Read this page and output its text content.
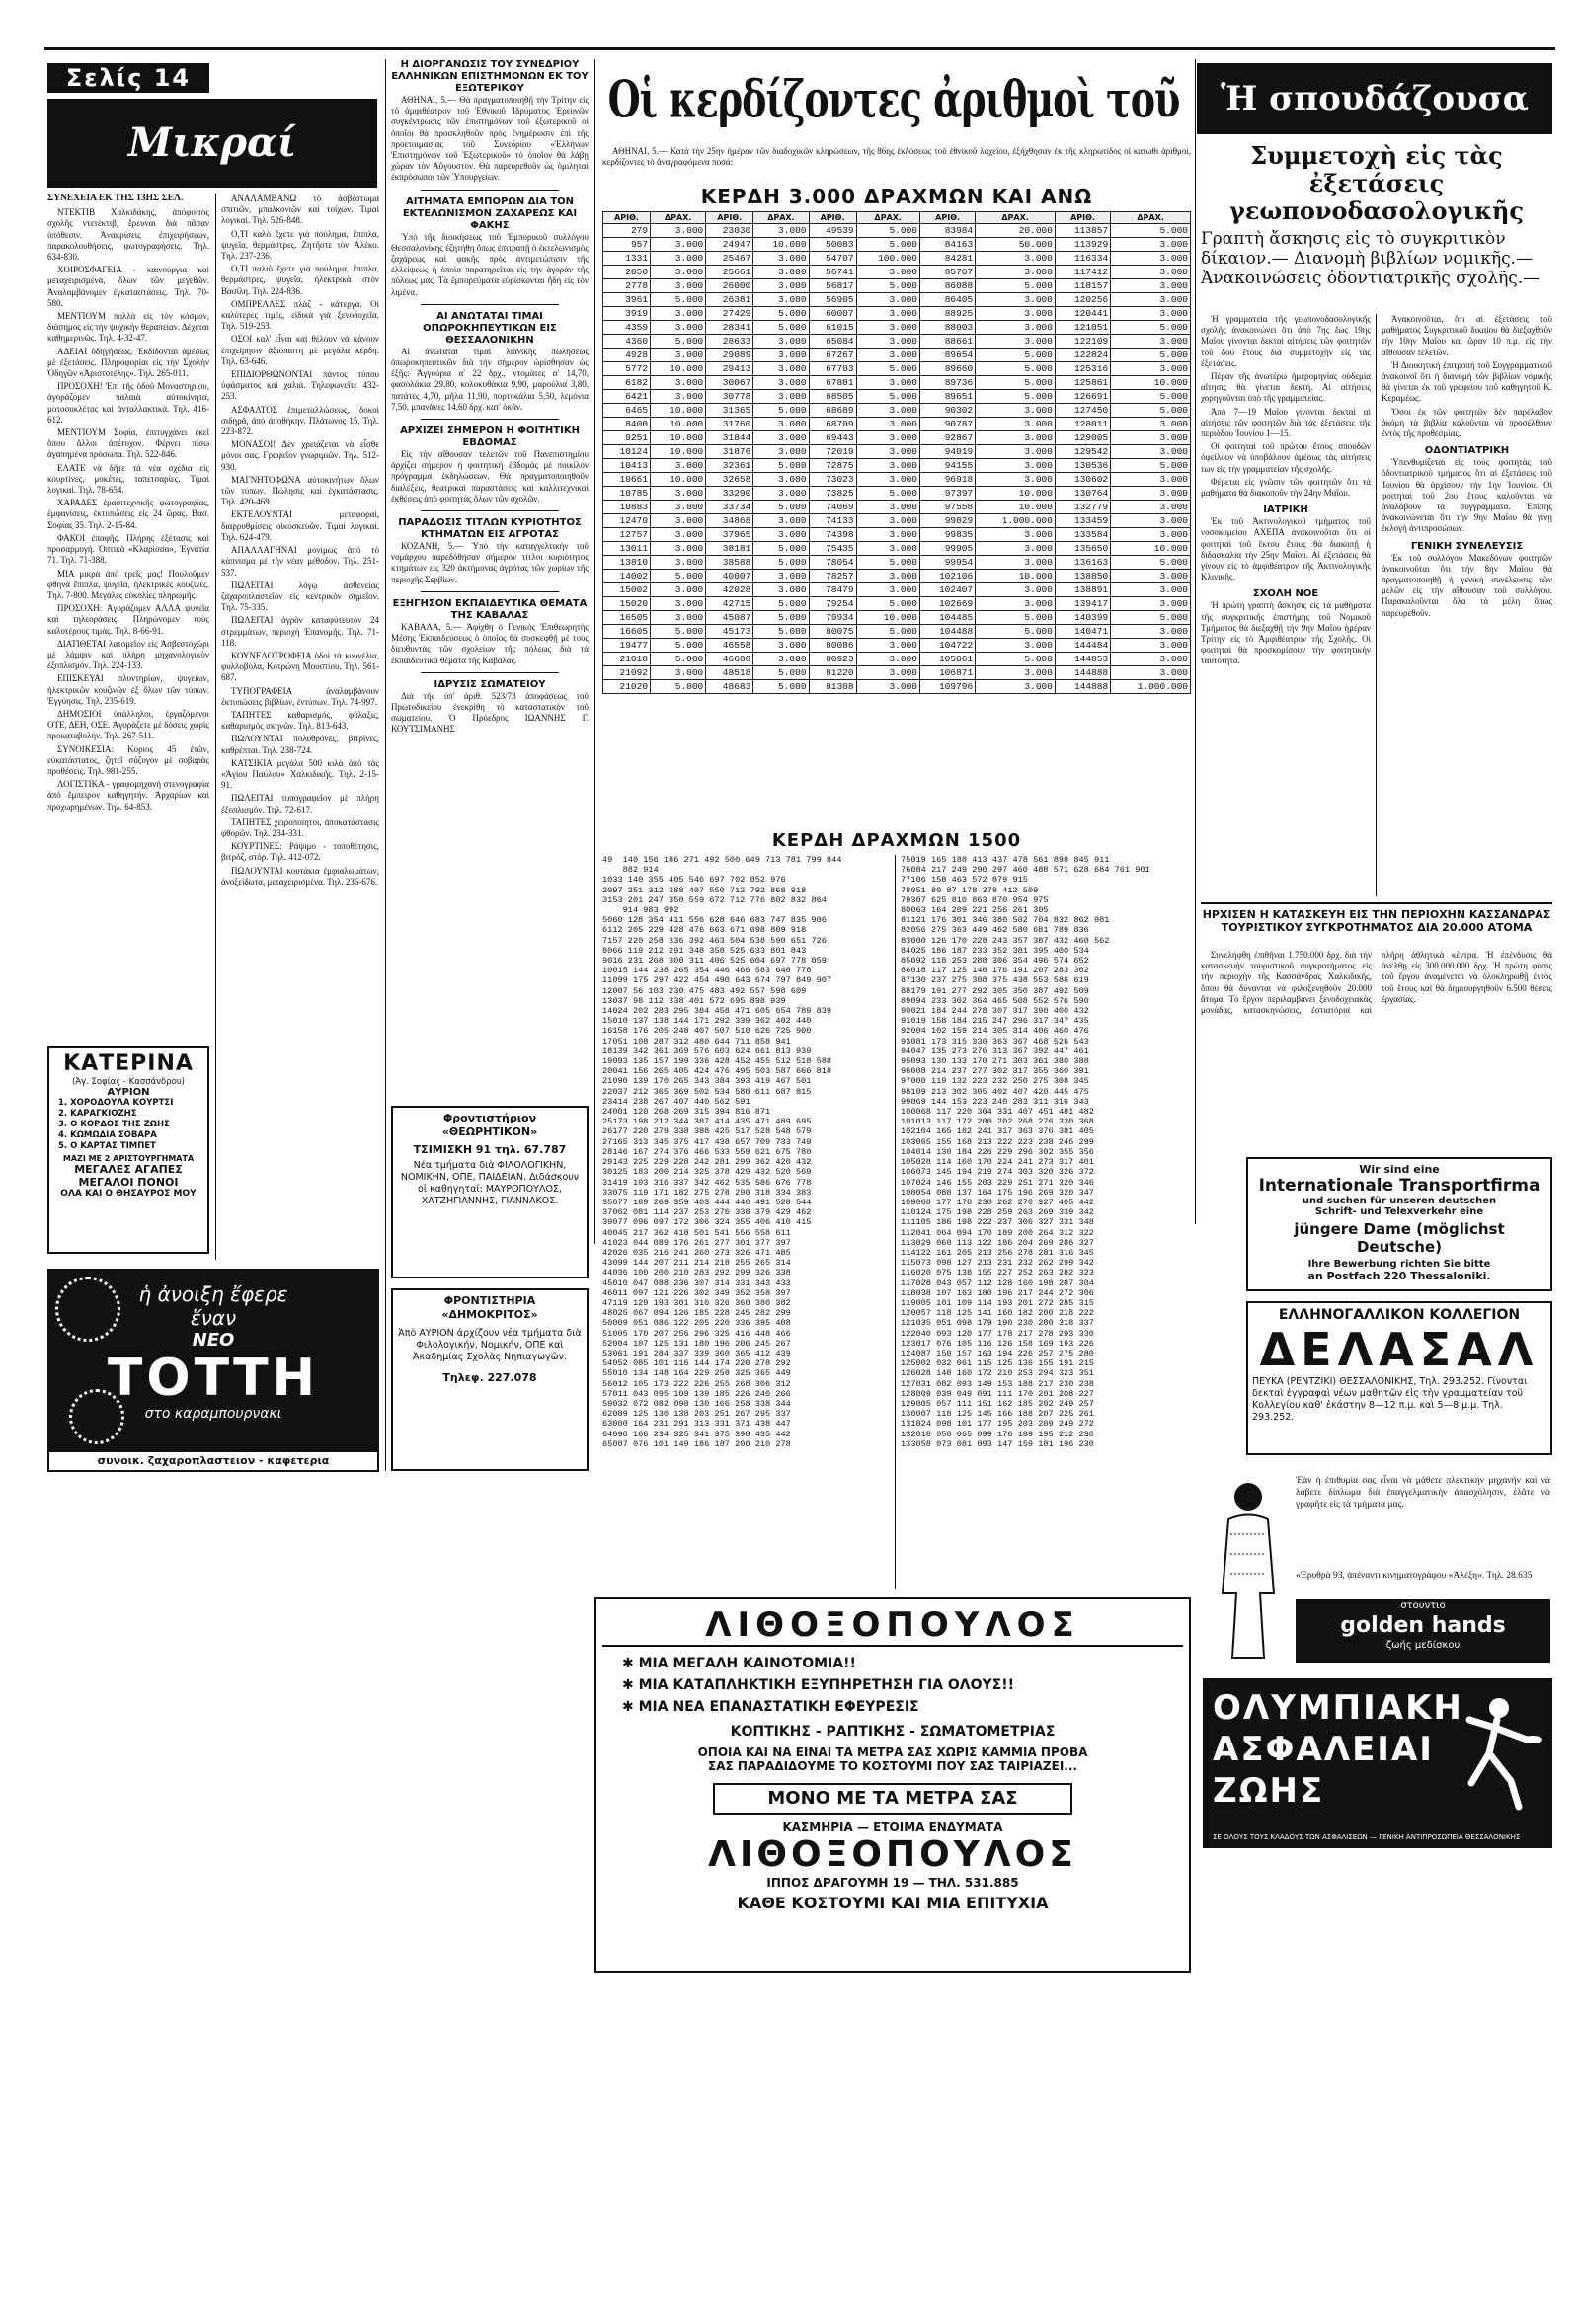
Σελίς 14
Μικραί
Οἱ κερδίζοντες ἀριθμοὶ τοῦ	Ἡ σπουδάζουσα
ΣΥΝΕΧΕΙΑ ΕΚ ΤΗΣ 13ΗΣ ΣΕΛ.

ΝΤΕΚΤΙΒ Χαλκιδάκης, ἀπόφοιτος σχολῆς ντετέκτιβ, ἔρευναι διὰ πᾶσαν ὑπόθεσιν. Ἀνακρίσεις ἐπιχειρήσεων, παρακολουθήσεις, φωτογραφήσεις. Τηλ. 634-830.

ΧΟΙΡΟΣΦΑΓΕΙΑ - καινούργια καὶ μεταχειρισμένα, ὅλων τῶν μεγεθῶν. Ἀναλαμβάνομεν ἐγκαταστάσεις. Τηλ. 70-580.

ΜΕΝΤΙΟΥΜ πολλὰ εἰς τὸν κόσμον, διάσημος εἰς τὴν ψυχικὴν θεραπείαν. Δέχεται καθημερινῶς. Τηλ. 4-32-47.

ΑΔΕΙΑΙ ὁδηγήσεως. Ἐκδίδονται ἀμέσως μὲ ἐξετάσεις. Πληροφορίαι εἰς τὴν Σχολὴν Ὁδηγῶν «Ἀριστοτέλης». Τηλ. 265-011.

ΠΡΟΣΟΧΗ! Ἐπὶ τῆς ὁδοῦ Μοναστηρίου, ἀγοράζομεν παλαιὰ αὐτοκίνητα, μοτοσυκλέτας καὶ ἀνταλλακτικά. Τηλ. 416-612.

ΜΕΝΤΙΟΥΜ Σοφία, ἐπιτυγχάνει ἐκεῖ ὅπου ἄλλοι ἀπέτυχον. Φέρνει πίσω ἀγαπημένα πρόσωπα. Τηλ. 522-846.

ΕΛΑΤΕ νὰ δῆτε τὰ νέα σχέδια εἰς κουρτίνες, μοκέτες, ταπετσαρίες. Τιμαὶ λογικαί. Τηλ. 78-654.

ΧΑΡΑΔΕΣ ἐρασιτεχνικῆς φωτογραφίας, ἐμφανίσεις, ἐκτυπώσεις εἰς 24 ὥρας. Βασ. Σοφίας 35. Τηλ. 2-15-84.

ΦΑΚΟΙ ἐπαφῆς. Πλήρης ἐξέτασις καὶ προσαρμογή. Ὀπτικὰ «Κλαρίσσα», Ἐγνατία 71. Τηλ. 71-388.

ΜΙΑ μικρὰ ἀπὸ τρεῖς μας! Πουλοῦμεν φθηνὰ ἔπιπλα, ψυγεῖα, ἠλεκτρικὲς κουζίνες. Τηλ. 7-800. Μεγάλες εὐκολίες πληρωμῆς.

ΠΡΟΣΟΧΗ: Ἀγοράζομεν ΑΛΛΑ ψυγεῖα καὶ τηλεοράσεις. Πληρώνομεν τοὺς καλυτέρους τιμάς. Τηλ. 8-66-91.

ΔΙΑΤΙΘΕΤΑΙ λατομεῖον εἰς Ἀσβεστοχώρι μὲ λάμψιν καὶ πλήρη μηχανολογικὸν ἐξοπλισμόν. Τηλ. 224-133.

ΕΠΙΣΚΕΥΑΙ πλυντηρίων, ψυγείων, ἠλεκτρικῶν κουζινῶν ἐξ ὅλων τῶν τύπων. Ἐγγύησις. Τηλ. 235-619.

ΔΗΜΟΣΙΟΙ ὑπάλληλοι, ἐργαζόμενοι ΟΤΕ, ΔΕΗ, ΟΣΕ. Ἀγοράζετε μὲ δόσεις χωρὶς προκαταβολήν. Τηλ. 267-511.

ΣΥΝΟΙΚΕΣΙΑ: Κύριος 45 ἐτῶν, εὐκατάστατος, ζητεῖ σύζυγον μὲ σοβαρὰς προθέσεις. Τηλ. 981-255.

ΛΟΓΙΣΤΙΚΑ - γραφομηχανὴ στενογραφία ἀπὸ ἔμπειρον καθηγητήν. Ἀρχαρίων καὶ προχωρημένων. Τηλ. 64-853.

ΚΑΤΕΡΙΝΑ
(Ἀγ. Σοφίας - Κασσάνδρου)
ΑΥΡΙΟΝ
1. ΧΟΡΟΔΟΥΛΑ ΚΟΥΡΤΣΙ
2. ΚΑΡΑΓΚΙΟΖΗΣ
3. Ο ΚΟΡΔΟΣ ΤΗΣ ΖΩΗΣ
4. ΚΩΜΩΔΙΑ ΣΟΒΑΡΑ
5. Ο ΚΑΡΤΑΣ ΤΙΜΠΕΤ
ΜΑΖΙ ΜΕ 2 ΑΡΙΣΤΟΥΡΓΗΜΑΤΑ
ΜΕΓΑΛΕΣ ΑΓΑΠΕΣ
ΜΕΓΑΛΟΙ ΠΟΝΟΙ
ΟΛΑ ΚΑΙ Ο ΘΗΣΑΥΡΟΣ ΜΟΥ

ΑΝΑΛΑΜΒΑΝΩ τὸ ἀσβέστωμα σπιτιῶν, μπαλκονιῶν καὶ τοίχων. Τιμαὶ λογικαί. Τηλ. 526-848.

Ο,ΤΙ καλὸ ἔχετε γιὰ πούλημα, ἔπιπλα, ψυγεῖα, θερμάστρες. Ζητῆστε τὸν Ἀλέκο. Τηλ. 237-236.

Ο,ΤΙ παλιὸ ἔχετε γιὰ πούλημα, ἔπιπλα, θερμάστρες, ψυγεῖα, ἠλεκτρικὰ στὸν Βασίλη. Τηλ. 224-836.

ΟΜΠΡΕΛΛΕΣ πλάζ - κάτεργα. Οἱ καλύτερες τιμές, εἰδικὰ γιὰ ξενοδοχεῖα. Τηλ. 519-253.

ΟΣΟΙ καλ' εἶναι καὶ θέλουν νὰ κάνουν ἐπιχείρησιν ἀξιόπιστη μὲ μεγάλα κέρδη. Τηλ. 63-646.

ΕΠΙΔΙΟΡΘΩΝΟΝΤΑΙ πάντος τύπου ὑφάσματος καὶ χαλιά. Τηλεφωνεῖτε 432-253.

ΑΣΦΑΛΤΟΣ ἐπιμεταλλώσεως, δοκοὶ σιδηρᾶ, ἀπὸ ἀποθήκην. Πλάτωνος 15. Τηλ. 223-872.

ΜΟΝΑΣΟΙ! Δὲν χρειάζεται νὰ εἶσθε μόνοι σας. Γραφεῖον γνωριμιῶν. Τηλ. 512-930.

ΜΑΓΝΗΤΟΦΩΝΑ αὐτοκινήτων ὅλων τῶν τύπων. Πώλησις καὶ ἐγκατάστασις. Τηλ. 420-469.

ΕΚΤΕΛΟΥΝΤΑΙ μεταφοραί, διαρρυθμίσεις οἰκοσκευῶν. Τιμαὶ λογικαί. Τηλ. 624-479.

ΑΠΑΛΛΑΓΗΝΑΙ μονίμως ἀπὸ τὸ κάπνισμα μὲ τὴν νέαν μέθοδον. Τηλ. 251-537.

ΠΩΛΕΙΤΑΙ λόγῳ ἀσθενείας ζαχαροπλαστεῖον εἰς κεντρικὸν σημεῖον. Τηλ. 75-335.

ΠΩΛΕΙΤΑΙ ἀγρὸν καταφύτευτον 24 στρεμμάτων, περιοχὴ Ἐπανομῆς. Τηλ. 71-118.

ΚΟΥΝΕΛΟΤΡΟΦΕΙΑ ὁδοὶ τὰ κουνέλια, φυλλοβόλα, Κοτρώνη Μουστίου. Τηλ. 561-687.

ΤΥΠΟΓΡΑΦΕΙΑ ἀναλαμβάνουν ἐκτυπώσεις βιβλίων, ἐντύπων. Τηλ. 74-997.

ΤΑΠΗΤΕΣ καθαρισμός, φύλαξις, καθαρισμὸς σκηνῶν. Τηλ. 813-643.

ΠΩΛΟΥΝΤΑΙ πολυθρόνες, βιτρῖνες, καθρέπται. Τηλ. 238-724.

ΚΑΤΣΙΚΙΑ μεγάλα 500 κιλὰ ἀπὸ τὰς «Ἀγίου Παύλου» Χαλκιδικῆς. Τηλ. 2-15-91.

ΠΩΛΕΙΤΑΙ τυπογραφεῖον μὲ πλήρη ἐξοπλισμόν. Τηλ. 72-617.

ΤΑΠΗΤΕΣ χειροποίητοι, ἀποκατάστασις φθορῶν. Τηλ. 234-331.

ΚΟΥΡΤΙΝΕΣ: Ράψιμο - τοποθέτησις, βιτρόζ, στόρ. Τηλ. 412-072.

ΠΩΛΟΥΝΤΑΙ κουτάκια ἐμφιαλωμάτων, ἀνοξείδωτα, μεταχειρισμένα. Τηλ. 236-676.

ἡ ἀνοιξη ἔφερε
ἕναν
ΝΕΟ
ΤΟΤΤΗ
στο καραμπουρνακι
συνοικ. ζαχαροπλαστειον - καφετερια
Η ΔΙΟΡΓΑΝΩΣΙΣ ΤΟΥ ΣΥΝΕΔΡΙΟΥ ΕΛΛΗΝΙΚΩΝ ΕΠΙΣΤΗΜΟΝΩΝ ΕΚ ΤΟΥ ΕΞΩΤΕΡΙΚΟΥ

ΑΘΗΝΑΙ, 5.— Θὰ πραγματοποιηθῇ τὴν Τρίτην εἰς τὸ ἀμφιθέατρον τοῦ Ἐθνικοῦ Ἱδρύματος Ἐρευνῶν συγκέντρωσις τῶν ἐπιστημόνων τοῦ ἐξωτερικοῦ οἱ ὁποῖοι θὰ προσκληθοῦν πρὸς ἐνημέρωσιν ἐπὶ τῆς προετοιμασίας τοῦ Συνεδρίου «Ἑλλήνων Ἐπιστημόνων τοῦ Ἐξωτερικοῦ» τὸ ὁποῖον θὰ λάβῃ χώραν τὸν Αὔγουστον. Θὰ παρευρεθοῦν ὡς ὁμιληταὶ ἐκπρόσωποι τῶν Ὑπουργείων.

ΑΙΤΗΜΑΤΑ ΕΜΠΟΡΩΝ ΔΙΑ ΤΟΝ ΕΚΤΕΛΩΝΙΣΜΟΝ ΖΑΧΑΡΕΩΣ ΚΑΙ ΦΑΚΗΣ

Ὑπὸ τῆς διοικήσεως τοῦ Ἐμπορικοῦ συλλόγου Θεσσαλονίκης ἐζητήθη ὅπως ἐπιτραπῇ ὁ ἐκτελωνισμὸς ζαχάρεως καὶ φακῆς πρὸς ἀντιμετώπισιν τῆς ἐλλείψεως ἡ ὁποία παρατηρεῖται εἰς τὴν ἀγορὰν τῆς πόλεως μας. Τὰ ἐμπορεύματα εὑρίσκονται ἤδη εἰς τὸν λιμένα.

ΑΙ ΑΝΩΤΑΤΑΙ ΤΙΜΑΙ ΟΠΩΡΟΚΗΠΕΥΤΙΚΩΝ ΕΙΣ ΘΕΣΣΑΛΟΝΙΚΗΝ

Αἱ ἀνώταται τιμαὶ λιανικῆς πωλήσεως ὀπωροκηπευτικῶν διὰ τὴν σήμερον ὡρίσθησαν ὡς ἑξῆς: Ἀγγούρια α' 22 δρχ., ντομάτες α' 14,70, φασολάκια 29,80, κολοκυθάκια 9,90, μαρούλια 3,80, πατάτες 4,70, μῆλα 11,90, πορτοκάλια 5,50, λεμόνια 7,50, μπανάνες 14,60 δρχ. κατ' ὀκᾶν.

ΑΡΧΙΖΕΙ ΣΗΜΕΡΟΝ Η ΦΟΙΤΗΤΙΚΗ ΕΒΔΟΜΑΣ

Εἰς τὴν αἴθουσαν τελετῶν τοῦ Πανεπιστημίου ἀρχίζει σήμερον ἡ φοιτητικὴ ἑβδομὰς μὲ ποικίλον πρόγραμμα ἐκδηλώσεων. Θὰ πραγματοποιηθοῦν διαλέξεις, θεατρικαὶ παραστάσεις καὶ καλλιτεχνικαὶ ἐκθέσεις ἀπὸ φοιτητάς ὅλων τῶν σχολῶν.

ΠΑΡΑΔΟΣΙΣ ΤΙΤΛΩΝ ΚΥΡΙΟΤΗΤΟΣ ΚΤΗΜΑΤΩΝ ΕΙΣ ΑΓΡΟΤΑΣ

ΚΟΖΑΝΗ, 5.— Ὑπὸ τὴν καταγγελτικὴν τοῦ νομάρχου παρεδόθησαν σήμερον τίτλοι κυριότητος κτημάτων εἰς 320 ἀκτήμονας ἀγρότας τῶν χωρίων τῆς περιοχῆς Σερβίων.

ΕΞΗΓΗΣΟΝ ΕΚΠΑΙΔΕΥΤΙΚΑ ΘΕΜΑΤΑ ΤΗΣ ΚΑΒΑΛΑΣ

ΚΑΒΑΛΑ, 5.— Ἀφίχθη ὁ Γενικὸς Ἐπιθεωρητὴς Μέσης Ἐκπαιδεύσεως ὁ ὁποῖος θὰ συσκεφθῇ μὲ τοὺς διευθυντὰς τῶν σχολείων τῆς πόλεως διὰ τὰ ἐκπαιδευτικὰ θέματα τῆς Καβάλας.

ΙΔΡΥΣΙΣ ΣΩΜΑΤΕΙΟΥ

Διὰ τῆς ὑπ' ἀριθ. 523/73 ἀποφάσεως τοῦ Πρωτοδικείου ἐνεκρίθη τὸ καταστατικὸν τοῦ σωματείου. Ὁ Πρόεδρος ΙΩΑΝΝΗΣ Γ. ΚΟΥΤΣΙΜΑΝΗΣ

Φροντιστήριον «ΘΕΩΡΗΤΙΚΟΝ»
ΤΣΙΜΙΣΚΗ 91 τηλ. 67.787
Νέα τμήματα διὰ ΦΙΛΟΛΟΓΙΚΗΝ, ΝΟΜΙΚΗΝ, ΟΠΕ, ΠΑΙΔΕΙΑΝ. Διδάσκουν οἱ καθηγηταί: ΜΑΥΡΟΠΟΥΛΟΣ, ΧΑΤΖΗΓΙΑΝΝΗΣ, ΓΙΑΝΝΑΚΟΣ.
ΦΡΟΝΤΙΣΤΗΡΙΑ «ΔΗΜΟΚΡΙΤΟΣ»
Ἀπὸ ΑΥΡΙΟΝ ἀρχίζουν νέα τμήματα διὰ Φιλολογικήν, Νομικήν, ΟΠΕ καὶ Ἀκαδημίας Σχολὰς Νηπιαγωγῶν.
Τηλεφ. 227.078

ΑΘΗΝΑΙ, 5.— Κατὰ τὴν 25ην ἡμέραν τῶν διαδοχικῶν κληρώσεων, τῆς 86ης ἐκδόσεως τοῦ ἐθνικοῦ λαχείου, ἐξήχθησαν ἐκ τῆς κληρωτίδος οἱ κατωθι ἀριθμοί, κερδίζοντες τὸ ἀναγραφόμενα ποσά:

ΚΕΡΔΗ 3.000 ΔΡΑΧΜΩΝ ΚΑΙ ΑΝΩ
ΑΡΙΘ.	ΔΡΑΧ.	ΑΡΙΘ.	ΔΡΑΧ.	ΑΡΙΘ.	ΔΡΑΧ.	ΑΡΙΘ.	ΔΡΑΧ.	ΑΡΙΘ.	ΔΡΑΧ.
279	3.000	23030	3.000	49539	5.000	83984	20.000	113857	5.000
957	3.000	24947	10.000	50083	5.000	84163	50.000	113929	3.000
1331	3.000	25467	3.000	54707	100.000	84281	3.000	116334	3.000
2050	3.000	25661	3.000	56741	3.000	85707	3.000	117412	3.000
2778	3.000	26000	3.000	56817	5.000	86088	5.000	118157	3.000
3961	5.000	26381	3.000	56905	3.000	86405	3.000	120256	3.000
3919	3.000	27429	5.000	60007	3.000	88925	3.000	120441	3.000
4359	3.000	28341	5.000	61015	3.000	88003	3.000	121051	5.000
4360	5.000	28633	3.000	65084	3.000	88661	3.000	122109	3.000
4928	3.000	29089	3.000	67267	3.000	89654	5.000	122824	5.000
5772	10.000	29413	3.000	67703	5.000	89660	5.000	125316	3.000
6182	3.000	30067	3.000	67881	3.000	89736	5.000	125861	10.000
6421	3.000	30778	3.000	68505	5.000	89651	5.000	126691	5.000
6465	10.000	31365	5.000	68689	3.000	90302	3.000	127450	5.000
8400	10.000	31760	3.000	68709	3.000	90787	3.000	128011	3.000
9251	10.000	31844	3.000	69443	3.000	92867	3.000	129005	3.000
10124	10.000	31876	3.000	72019	3.000	94019	3.000	129542	3.000
10413	3.000	32361	5.000	72875	3.000	94155	3.000	130536	5.000
10661	10.000	32658	3.000	73023	3.000	96918	3.000	130602	3.000
10785	3.000	33290	3.000	73825	5.000	97397	10.000	130764	3.000
10883	3.000	33734	5.000	74069	3.000	97558	10.000	132779	3.000
12470	3.000	34868	3.000	74133	3.000	99829	1.000.000	133459	3.000
12757	3.000	37965	3.000	74398	3.000	99835	3.000	133584	3.000
13011	3.000	38181	5.000	75435	3.000	99905	3.000	135650	10.000
13810	3.000	38588	5.000	78054	5.000	99954	3.000	136163	5.000
14002	5.000	40007	3.000	78257	3.000	102106	10.000	138850	3.000
15002	3.000	42028	3.000	78479	3.000	102407	3.000	138891	3.000
15020	3.000	42715	5.000	79254	5.000	102669	3.000	139417	3.000
16505	3.000	45087	5.000	79934	10.000	104485	5.000	140399	5.000
16605	5.000	45173	5.000	80075	5.000	104488	5.000	140471	3.000
19477	5.000	46558	3.000	80086	3.000	104722	3.000	144484	3.000
21018	5.000	46688	3.000	80923	3.000	105061	5.000	144853	3.000
21092	3.000	48518	5.000	81220	3.000	106871	3.000	144888	3.000
21020	5.000	48683	5.000	81308	3.000	109796	3.000	144888	1.000.000
ΚΕΡΔΗ ΔΡΑΧΜΩΝ 1500
49  140 156 186 271 492 500 649 713 781 799 844
882 914
1033 140 355 405 546 697 702 852 976
2097 251 312 388 407 550 712 792 868 918
3153 201 247 350 559 672 712 776 802 832 864
914 983 992
5060 128 354 411 556 628 646 683 747 835 906
6112 205 229 428 476 663 671 698 809 918
7157 220 258 336 392 463 504 538 590 651 726
8066 119 212 291 348 358 525 633 801 843
9016 231 268 300 311 406 525 604 697 778 859
10015 144 238 265 354 446 466 583 648 778
11099 175 297 422 454 490 643 674 797 849 907
12007 56 103 230 475 483 492 557 598 609
13037 98 112 338 401 572 695 898 939
14024 202 283 295 384 458 471 605 654 789 839
15010 137 138 144 171 292 339 362 402 440
16158 176 205 248 407 507 510 626 725 900
17051 108 287 312 480 644 711 858 941
18139 342 361 369 576 603 624 661 813 939
19093 135 157 199 336 428 452 455 512 518 588
20041 156 265 405 424 476 495 503 587 666 818
21090 139 170 265 343 384 393 419 467 501
22037 212 365 369 502 534 580 611 687 815
23414 238 267 407 440 562 591
24001 120 268 269 315 394 816 871
25173 198 212 344 387 414 435 471 489 695
26177 220 279 338 388 425 517 528 548 579
27165 313 345 375 417 438 657 709 733 749
28146 167 274 376 466 533 559 621 675 780
29143 225 229 228 242 281 299 362 420 432
30125 183 200 214 325 378 429 432 520 569
31419 103 316 337 342 462 535 586 676 778
33075 119 171 182 275 278 290 318 334 383
35077 189 269 359 403 444 440 491 528 544
37062 081 114 237 253 276 338 379 429 462
39077 096 097 172 306 324 355 406 410 415
40045 217 362 418 501 541 556 558 611
41023 044 089 176 261 277 301 377 397
42026 035 216 241 260 273 326 471 485
43099 144 207 211 214 218 255 265 314
44036 100 200 210 283 292 299 326 338
45010 047 088 236 307 314 331 343 433
46011 097 121 226 302 349 352 358 397
47119 129 193 301 310 326 360 380 382
48025 067 094 126 185 228 245 282 299
50009 051 086 122 205 220 336 395 408
51005 170 207 256 296 325 416 448 466
52004 107 125 131 180 196 206 245 267
53061 191 284 337 339 360 365 412 439
54052 085 101 116 144 174 220 278 292
55010 134 148 164 229 258 325 365 449
56012 105 173 222 226 255 268 306 312
57011 043 095 109 139 185 226 240 266
59032 072 082 098 130 166 258 338 344
62089 125 130 138 203 251 267 295 337
63000 164 231 291 313 331 371 438 447
64090 166 234 325 341 375 398 435 442
65007 076 101 149 186 187 200 210 278
75019 165 188 413 437 478 561 898 845 911
76084 217 249 290 297 460 488 571 628 684 761 901
77106 158 463 572 879 915
78051 80 87 178 378 412 509
79307 625 810 863 870 954 975
80063 164 209 221 256 261 305
81121 176 301 346 380 502 704 832 862 981
82056 275 363 449 462 580 681 789 836
83000 126 170 228 243 357 387 432 460 562
84025 186 187 233 352 381 395 400 534
85092 118 253 288 306 354 496 574 652
86018 117 125 148 176 191 207 283 302
87130 237 275 308 375 438 553 586 619
88179 191 277 292 305 350 387 492 509
89094 233 302 364 465 508 552 576 590
90021 184 244 278 307 317 390 400 432
91019 158 184 215 247 296 317 347 435
92004 102 159 214 305 314 406 460 476
93081 173 315 330 363 367 468 526 543
94047 135 273 276 313 367 392 447 461
95093 130 133 170 271 303 361 380 388
96008 214 237 277 302 317 355 360 391
97000 119 132 223 232 250 275 308 345
98109 213 302 305 402 407 420 445 475
99069 144 153 223 240 283 311 316 343
100068 117 220 304 331 407 451 481 482
101013 117 172 200 202 268 276 330 368
102104 165 182 241 317 363 376 381 405
103065 155 168 213 222 223 238 246 299
104014 130 184 226 229 296 302 355 356
105028 114 160 170 224 241 273 317 401
106073 145 194 219 274 303 320 326 372
107024 146 155 203 229 251 271 320 346
108054 088 137 164 175 196 269 320 347
109068 177 178 230 262 270 327 405 442
110124 175 198 228 259 263 269 339 342
111105 186 198 222 237 306 327 331 348
112041 064 094 170 189 200 264 312 322
113029 060 113 122 186 204 269 286 327
114122 161 205 213 256 278 281 316 345
115073 098 127 213 231 232 262 299 342
116020 075 138 155 227 252 263 282 323
117028 043 057 112 128 160 198 287 304
118038 107 163 180 196 217 244 272 306
119005 101 109 114 193 201 272 285 315
120057 118 125 141 160 182 200 218 222
121035 051 098 179 190 230 280 318 337
122040 093 120 177 178 217 278 293 330
123017 076 105 116 126 158 169 193 226
124087 150 157 163 194 226 257 275 280
125002 032 061 115 125 136 155 191 215
126028 148 160 172 210 253 294 323 351
127031 082 093 149 153 188 217 230 238
128009 039 049 091 111 170 201 208 227
129005 057 111 151 162 185 202 249 257
130007 118 125 145 166 188 207 225 261
131024 098 101 177 195 203 209 249 272
132018 058 065 099 176 189 195 212 230
133058 073 081 093 147 159 181 196 230
ΛΙΘΟΞΟΠΟΥΛΟΣ
✱ ΜΙΑ ΜΕΓΑΛΗ ΚΑΙΝΟΤΟΜΙΑ!!
✱ ΜΙΑ ΚΑΤΑΠΛΗΚΤΙΚΗ ΕΞΥΠΗΡΕΤΗΣΗ ΓΙΑ ΟΛΟΥΣ!!
✱ ΜΙΑ ΝΕΑ ΕΠΑΝΑΣΤΑΤΙΚΗ ΕΦΕΥΡΕΣΙΣ
ΚΟΠΤΙΚΗΣ - ΡΑΠΤΙΚΗΣ - ΣΩΜΑΤΟΜΕΤΡΙΑΣ
ΟΠΟΙΑ ΚΑΙ ΝΑ ΕΙΝΑΙ ΤΑ ΜΕΤΡΑ ΣΑΣ ΧΩΡΙΣ ΚΑΜΜΙΑ ΠΡΟΒΑ
ΣΑΣ ΠΑΡΑΔΙΔΟΥΜΕ ΤΟ ΚΟΣΤΟΥΜΙ ΠΟΥ ΣΑΣ ΤΑΙΡΙΑΖΕΙ...
ΜΟΝΟ ΜΕ ΤΑ ΜΕΤΡΑ ΣΑΣ
ΚΑΣΜΗΡΙΑ — ΕΤΟΙΜΑ ΕΝΔΥΜΑΤΑ
ΛΙΘΟΞΟΠΟΥΛΟΣ
ΙΠΠΟΣ ΔΡΑΓΟΥΜΗ 19 — ΤΗΛ. 531.885
ΚΑΘΕ ΚΟΣΤΟΥΜΙ ΚΑΙ ΜΙΑ ΕΠΙΤΥΧΙΑ
Συμμετοχὴ εἰς τὰς ἐξετάσεις γεωπονοδασολογικῆς
Γραπτὴ ἄσκησις εἰς τὸ συγκριτικὸν δίκαιον.— Διανομὴ βιβλίων νομικῆς.— Ἀνακοινώσεις ὀδοντιατρικῆς σχολῆς.—

Ἡ γραμματεία τῆς γεωπονοδασολογικῆς σχολῆς ἀνακοινώνει ὅτι ἀπὸ 7ης ἕως 19ης Μαΐου γίνονται δεκταὶ αἰτήσεις τῶν φοιτητῶν τοῦ δου ἔτους διὰ συμμετοχὴν εἰς τὰς ἐξετάσεις.

Πέραν τῆς ἀνωτέρω ἡμερομηνίας οὐδεμία αἴτησις θὰ γίνεται δεκτή. Αἱ αἰτήσεις χορηγοῦνται ὑπὸ τῆς γραμματείας.

Ἀπὸ 7—19 Μαΐου γίνονται δεκταὶ αἱ αἰτήσεις τῶν φοιτητῶν διὰ τὰς ἐξετάσεις τῆς περιόδου Ἰουνίου 1—15.

Οἱ φοιτηταὶ τοῦ πρώτου ἔτους σπουδῶν ὀφείλουν νὰ ὑποβάλουν ἀμέσως τὰς αἰτήσεις των εἰς τὴν γραμματείαν τῆς σχολῆς.

Φέρεται εἰς γνῶσιν τῶν φοιτητῶν ὅτι τὰ μαθήματα θὰ διακοποῦν τὴν 24ην Μαΐου.

ΙΑΤΡΙΚΗ

Ἐκ τοῦ Ἀκτινολογικοῦ τμήματος τοῦ νοσοκομείου ΑΧΕΠΑ ἀνακοινοῦται ὅτι οἱ φοιτηταὶ τοῦ ἕκτου ἔτους θὰ διακοπῇ ἡ διδασκαλία τὴν 25ην Μαΐου. Αἱ ἐξετάσεις θὰ γίνουν εἰς τὸ ἀμφιθέατρον τῆς Ἀκτινολογικῆς Κλινικῆς.

ΣΧΟΛΗ ΝΟΕ

Ἡ πρώτη γραπτὴ ἄσκησις εἰς τὰ μαθήματα τῆς συγκριτικῆς ἐπιστήμης τοῦ Νομικοῦ Τμήματος θὰ διεξαχθῇ τὴν 9ην Μαΐου ἡμέραν Τρίτην εἰς τὸ Ἀμφιθέατρον τῆς Σχολῆς. Οἱ φοιτηταὶ θὰ προσκομίσουν τὴν φοιτητικὴν ταυτότητα.

Ἀνακοινοῦται, ὅτι αἱ ἐξετάσεις τοῦ μαθήματος Συγκριτικοῦ δικαίου θὰ διεξαχθοῦν τὴν 10ην Μαΐου καὶ ὥραν 10 π.μ. εἰς τὴν αἴθουσαν τελετῶν.

Ἡ Διοικητικὴ ἐπιτροπὴ τοῦ Συγγραμματικοῦ ἀνακοινοῖ ὅτι ἡ διανομὴ τῶν βιβλίων νομικῆς θὰ γίνεται ἐκ τοῦ γραφείου τοῦ καθηγητοῦ Κ. Κεραμέως.

Ὅσοι ἐκ τῶν φοιτητῶν δὲν παρέλαβον ἀκόμη τὰ βιβλία καλοῦνται νὰ προσέλθουν ἐντὸς τῆς προθεσμίας.

ΟΔΟΝΤΙΑΤΡΙΚΗ

Ὑπενθυμίζεται εἰς τοὺς φοιτητὰς τοῦ ὀδοντιατρικοῦ τμήματος ὅτι αἱ ἐξετάσεις τοῦ Ἰουνίου θὰ ἀρχίσουν τὴν 1ην Ἰουνίου. Οἱ φοιτηταὶ τοῦ 2ου ἔτους καλοῦνται νὰ ἀναλάβουν τὰ συγγράμματα. Ἐπίσης ἀνακοινώνεται ὅτι τὴν 9ην Μαΐου θὰ γίνῃ ἐκλογὴ ἀντιπροσώπων.

ΓΕΝΙΚΗ ΣΥΝΕΛΕΥΣΙΣ

Ἐκ τοῦ συλλόγου Μακεδόνων φοιτητῶν ἀνακοινοῦται ὅτι τὴν 8ην Μαΐου θὰ πραγματοποιηθῇ ἡ γενικὴ συνέλευσις τῶν μελῶν εἰς τὴν αἴθουσαν τοῦ συλλόγου. Παρακαλοῦνται ὅλα τὰ μέλη ὅπως παρευρεθοῦν.

ΗΡΧΙΣΕΝ Η ΚΑΤΑΣΚΕΥΗ ΕΙΣ ΤΗΝ ΠΕΡΙΟΧΗΝ ΚΑΣΣΑΝΔΡΑΣ ΤΟΥΡΙΣΤΙΚΟΥ ΣΥΓΚΡΟΤΗΜΑΤΟΣ ΔΙΑ 20.000 ΑΤΟΜΑ

Συνελήφθη ἐπιθῆναι 1.750.000 δρχ. διὰ τὴν κατασκευὴν τουριστικοῦ συγκροτήματος εἰς τὴν περιοχὴν τῆς Κασσάνδρας Χαλκιδικῆς, ὅπου θὰ δύνανται νὰ φιλοξενηθοῦν 20.000 ἄτομα. Τὸ ἔργον περιλαμβάνει ξενοδοχειακὰς μονάδας, κατασκηνώσεις, ἐστιατόρια καὶ πλῆρη ἀθλητικὰ κέντρα. Ἡ ἐπένδυσις θὰ ἀνέλθῃ εἰς 300.000.000 δρχ. Ἡ πρώτη φάσις τοῦ ἔργου ἀναμένεται νὰ ὁλοκληρωθῇ ἐντὸς τοῦ ἔτους καὶ θὰ δημιουργηθοῦν 6.500 θέσεις ἐργασίας.

Wir sind eine
Internationale Transportfirma
und suchen für unseren deutschen
Schrift- und Telexverkehr eine
jüngere Dame (möglichst Deutsche)
Ihre Bewerbung richten Sie bitte
an Postfach 220 Thessaloniki.
ΕΛΛΗΝΟΓΑΛΛΙΚΟΝ ΚΟΛΛΕΓΙΟΝ
ΔΕΛΑΣΑΛ
ΠΕΥΚΑ (ΡΕΝΤΖΙΚΙ) ΘΕΣΣΑΛΟΝΙΚΗΣ, Τηλ. 293.252. Γίνονται δεκταὶ ἐγγραφαὶ νέων μαθητῶν εἰς τὴν γραμματείαν τοῦ Κολλεγίου καθ' ἑκάστην 8—12 π.μ. καὶ 5—8 μ.μ. Τηλ. 293.252.
Ἐὰν ἡ ἐπιθυμία σας εἶναι νὰ μάθετε πλεκτικὴν μηχανὴν καὶ νὰ λάβετε δίπλωμα διὰ ἐπαγγελματικὴν ἀπασχόλησιν, ἐλᾶτε νὰ γραφῆτε εἰς τὰ τμήματα μας.
«Ἐρυθρὰ 93, ἀπέναντι κινηματογράφου «Ἀλέξη». Τηλ. 28.635
στουντιο
golden hands
ζωής μεδίσκου
ΟΛΥΜΠΙΑΚΗ
ΑΣΦΑΛΕΙΑΙ
ΖΩΗΣ
ΣΕ ΟΛΟΥΣ ΤΟΥΣ ΚΛΑΔΟΥΣ ΤΩΝ ΑΣΦΑΛΙΣΕΩΝ — ΓΕΝΙΚΗ ΑΝΤΙΠΡΟΣΩΠΕΙΑ ΘΕΣΣΑΛΟΝΙΚΗΣ
